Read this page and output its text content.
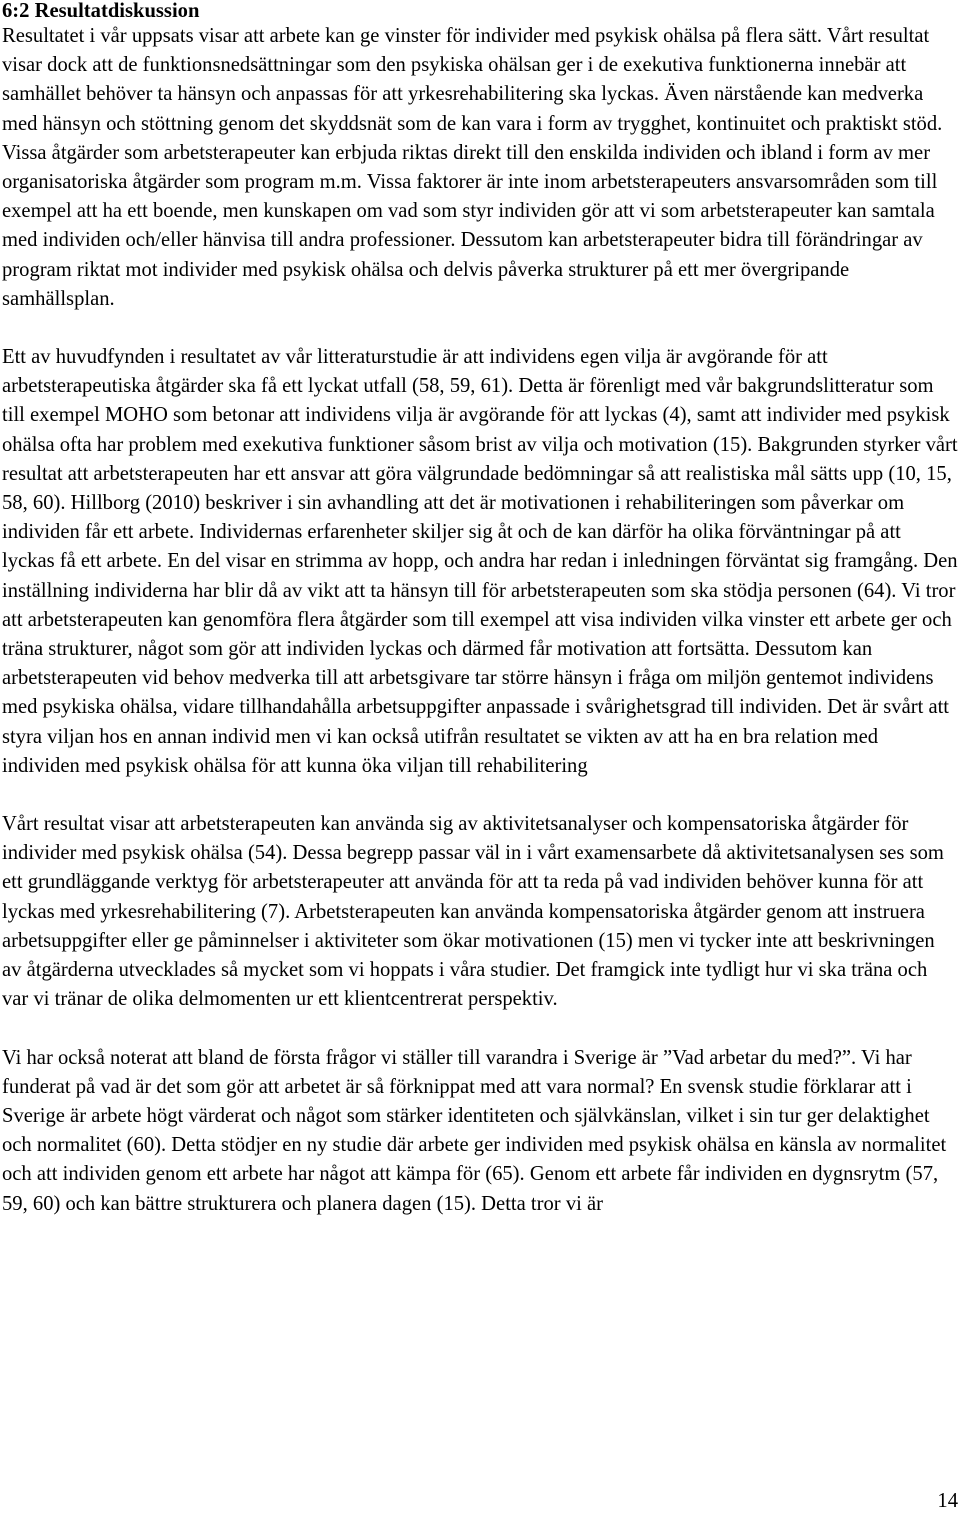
6:2 Resultatdiskussion

Resultatet i vår uppsats visar att arbete kan ge vinster för individer med psykisk ohälsa på flera sätt. Vårt resultat visar dock att de funktionsnedsättningar som den psykiska ohälsan ger i de exekutiva funktionerna innebär att samhället behöver ta hänsyn och anpassas för att yrkesrehabilitering ska lyckas. Även närstående kan medverka med hänsyn och stöttning genom det skyddsnät som de kan vara i form av trygghet, kontinuitet och praktiskt stöd. Vissa åtgärder som arbetsterapeuter kan erbjuda riktas direkt till den enskilda individen och ibland i form av mer organisatoriska åtgärder som program m.m. Vissa faktorer är inte inom arbetsterapeuters ansvarsområden som till exempel att ha ett boende, men kunskapen om vad som styr individen gör att vi som arbetsterapeuter kan samtala med individen och/eller hänvisa till andra professioner. Dessutom kan arbetsterapeuter bidra till förändringar av program riktat mot individer med psykisk ohälsa och delvis påverka strukturer på ett mer övergripande samhällsplan.

Ett av huvudfynden i resultatet av vår litteraturstudie är att individens egen vilja är avgörande för att arbetsterapeutiska åtgärder ska få ett lyckat utfall (58, 59, 61). Detta är förenligt med vår bakgrundslitteratur som till exempel MOHO som betonar att individens vilja är avgörande för att lyckas (4), samt att individer med psykisk ohälsa ofta har problem med exekutiva funktioner såsom brist av vilja och motivation (15). Bakgrunden styrker vårt resultat att arbetsterapeuten har ett ansvar att göra välgrundade bedömningar så att realistiska mål sätts upp (10, 15, 58, 60). Hillborg (2010) beskriver i sin avhandling att det är motivationen i rehabiliteringen som påverkar om individen får ett arbete. Individernas erfarenheter skiljer sig åt och de kan därför ha olika förväntningar på att lyckas få ett arbete. En del visar en strimma av hopp, och andra har redan i inledningen förväntat sig framgång. Den inställning individerna har blir då av vikt att ta hänsyn till för arbetsterapeuten som ska stödja personen (64). Vi tror att arbetsterapeuten kan genomföra flera åtgärder som till exempel att visa individen vilka vinster ett arbete ger och träna strukturer, något som gör att individen lyckas och därmed får motivation att fortsätta. Dessutom kan arbetsterapeuten vid behov medverka till att arbetsgivare tar större hänsyn i fråga om miljön gentemot individens med psykiska ohälsa, vidare tillhandahålla arbetsuppgifter anpassade i svårighetsgrad till individen. Det är svårt att styra viljan hos en annan individ men vi kan också utifrån resultatet se vikten av att ha en bra relation med individen med psykisk ohälsa för att kunna öka viljan till rehabilitering

Vårt resultat visar att arbetsterapeuten kan använda sig av aktivitetsanalyser och kompensatoriska åtgärder för individer med psykisk ohälsa (54). Dessa begrepp passar väl in i vårt examensarbete då aktivitetsanalysen ses som ett grundläggande verktyg för arbetsterapeuter att använda för att ta reda på vad individen behöver kunna för att lyckas med yrkesrehabilitering (7). Arbetsterapeuten kan använda kompensatoriska åtgärder genom att instruera arbetsuppgifter eller ge påminnelser i aktiviteter som ökar motivationen (15) men vi tycker inte att beskrivningen av åtgärderna utvecklades så mycket som vi hoppats i våra studier. Det framgick inte tydligt hur vi ska träna och var vi tränar de olika delmomenten ur ett klientcentrerat perspektiv.

Vi har också noterat att bland de första frågor vi ställer till varandra i Sverige är ”Vad arbetar du med?”. Vi har funderat på vad är det som gör att arbetet är så förknippat med att vara normal? En svensk studie förklarar att i Sverige är arbete högt värderat och något som stärker identiteten och självkänslan, vilket i sin tur ger delaktighet och normalitet (60). Detta stödjer en ny studie där arbete ger individen med psykisk ohälsa en känsla av normalitet och att individen genom ett arbete har något att kämpa för (65). Genom ett arbete får individen en dygnsrytm (57, 59, 60) och kan bättre strukturera och planera dagen (15). Detta tror vi är

14
